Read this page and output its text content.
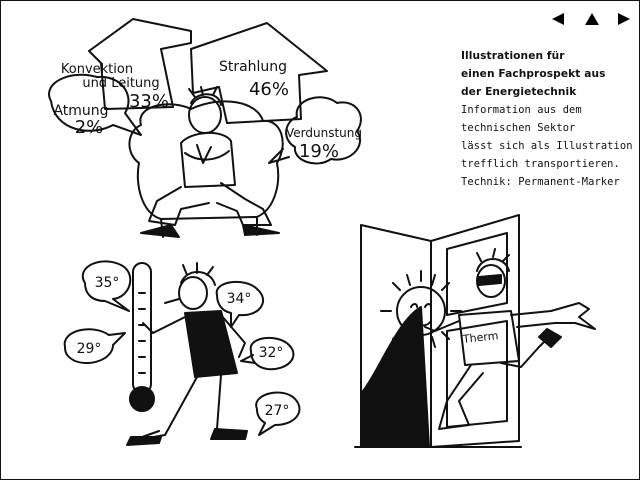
Illustrationen für
einen Fachprospekt aus
der Energietechnik
Information aus dem
technischen Sektor
lässt sich als Illustration
trefflich transportieren.
Technik: Permanent-Marker
Konvektion
und Leitung
33%
Strahlung
46%
Atmung
2%	Verdunstung
19%
35°
34°
29°	32°
27°
Therm
